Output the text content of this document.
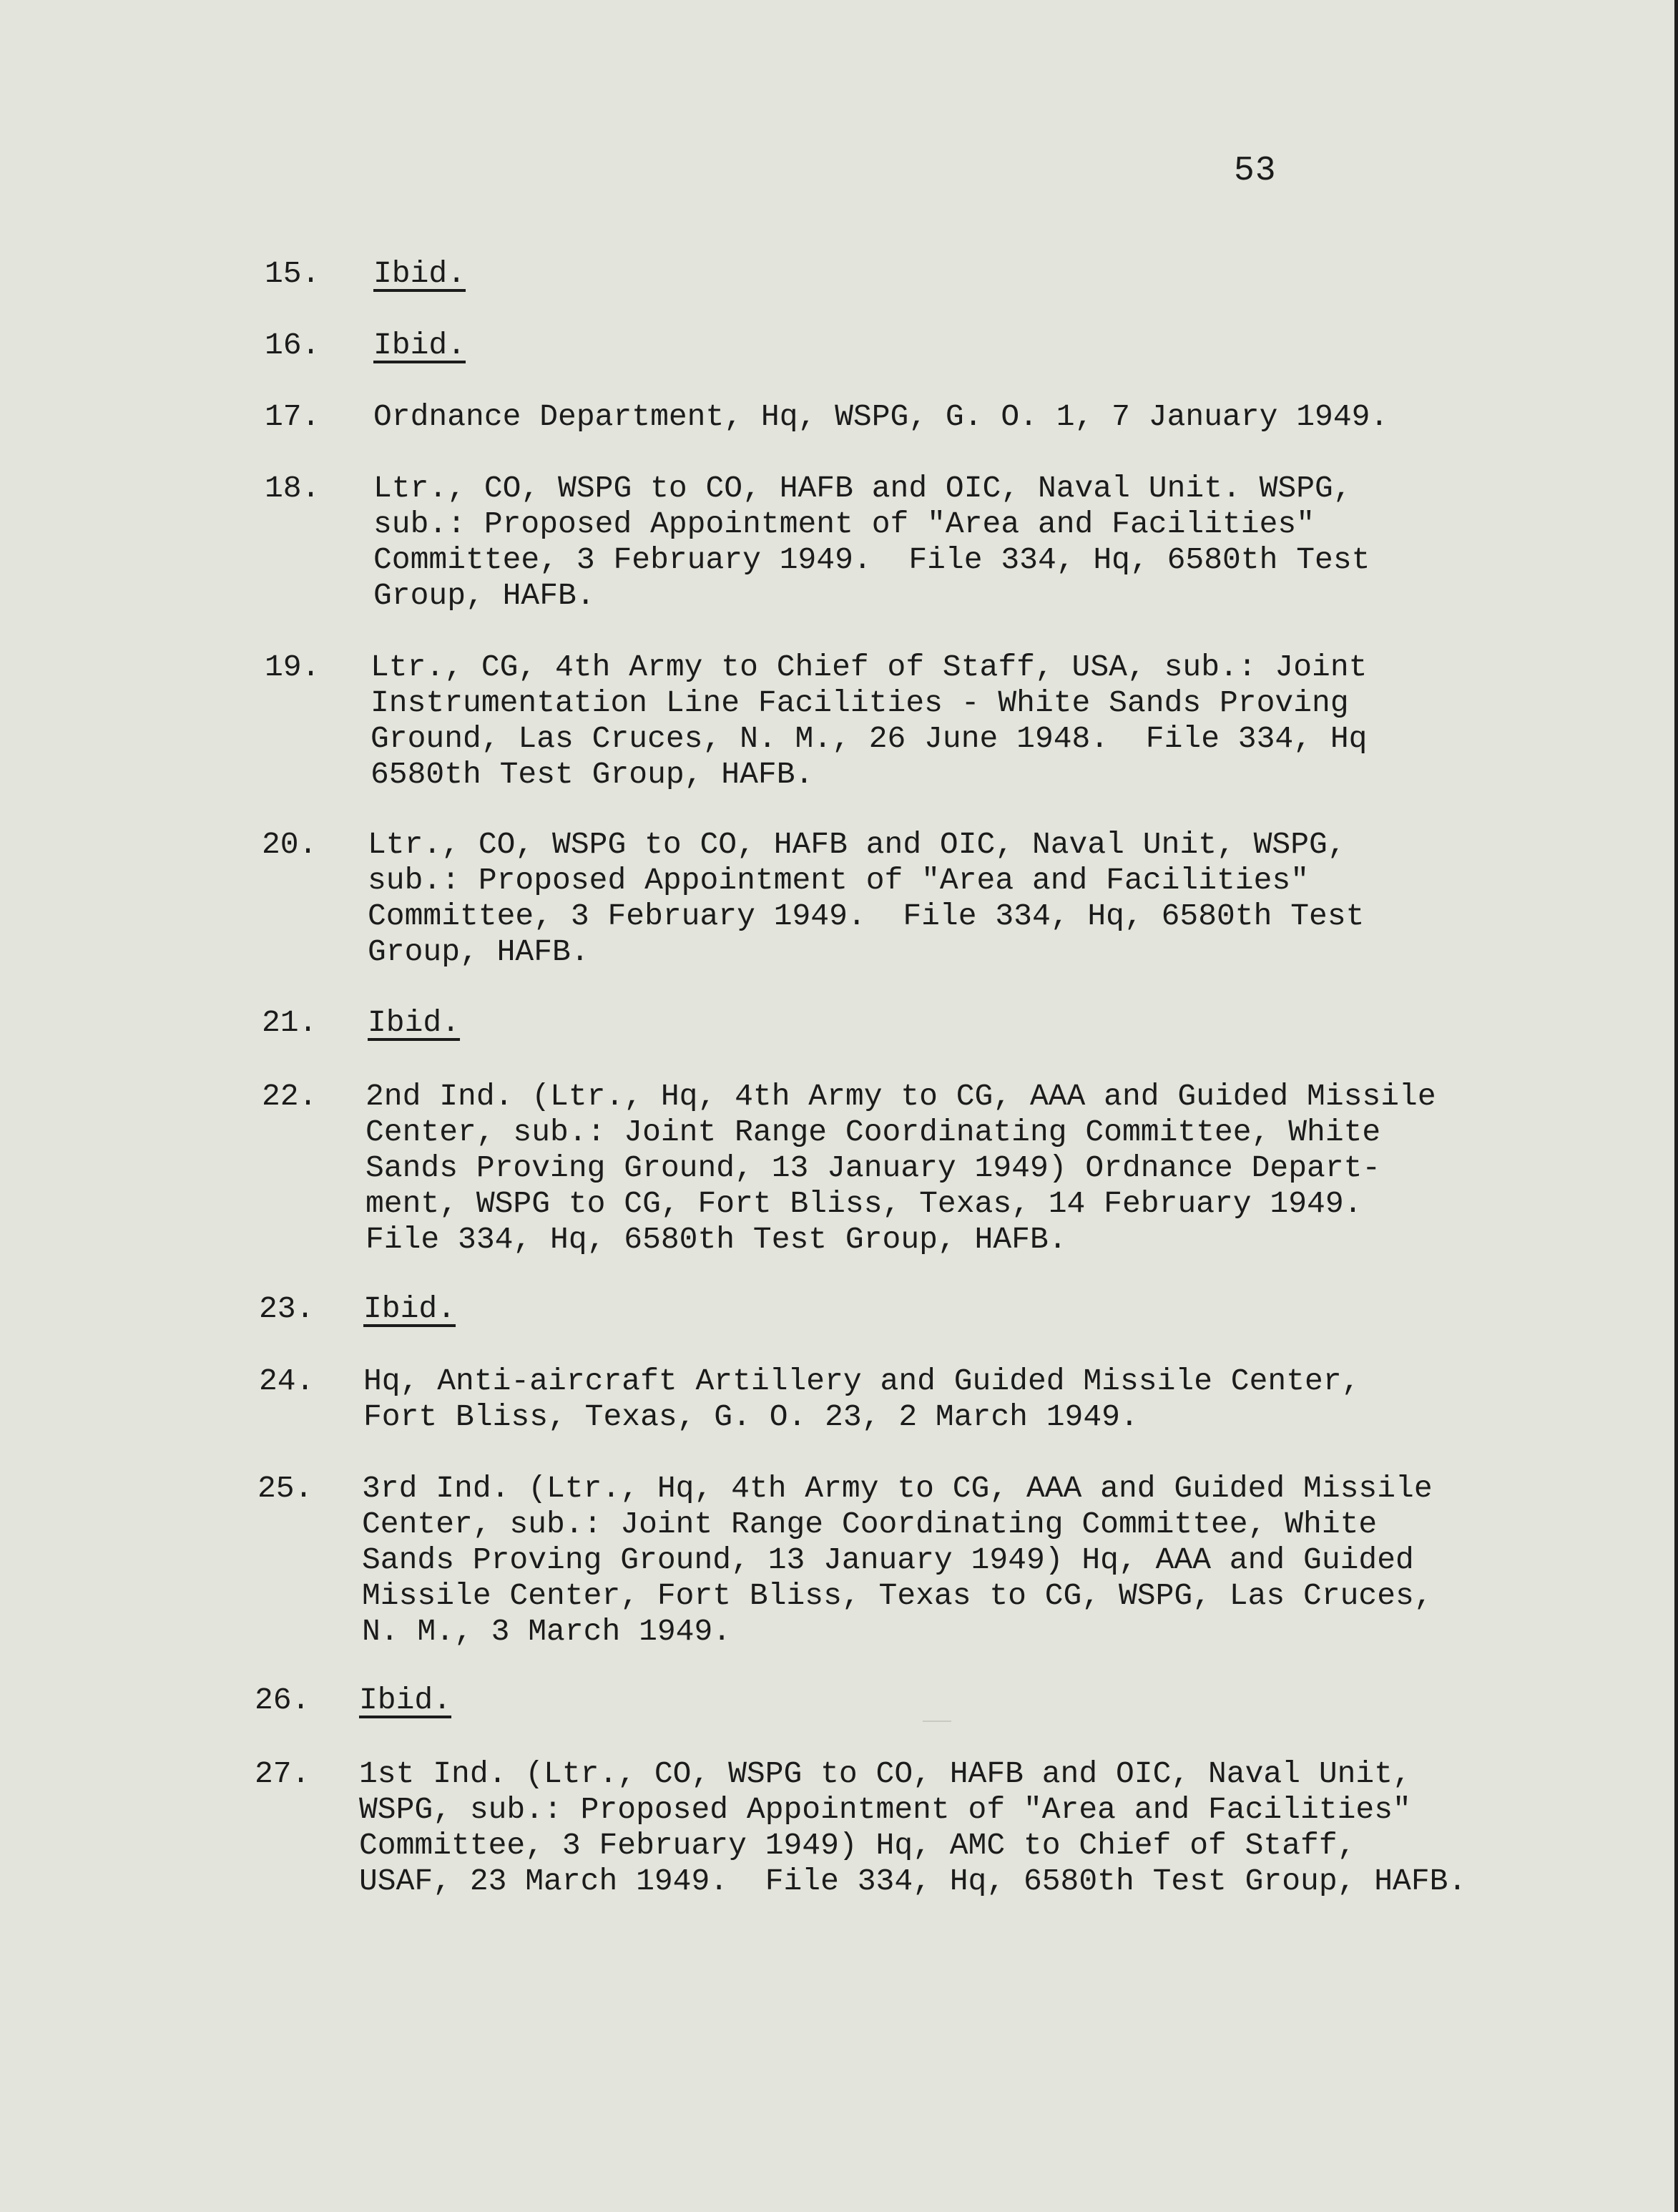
53
15. Ibid.
16. Ibid.
17. Ordnance Department, Hq, WSPG, G. O. 1, 7 January 1949.
18. Ltr., CO, WSPG to CO, HAFB and OIC, Naval Unit. WSPG,
sub.: Proposed Appointment of "Area and Facilities"
Committee, 3 February 1949.  File 334, Hq, 6580th Test
Group, HAFB.
19. Ltr., CG, 4th Army to Chief of Staff, USA, sub.: Joint
Instrumentation Line Facilities - White Sands Proving
Ground, Las Cruces, N. M., 26 June 1948.  File 334, Hq
6580th Test Group, HAFB.
20. Ltr., CO, WSPG to CO, HAFB and OIC, Naval Unit, WSPG,
sub.: Proposed Appointment of "Area and Facilities"
Committee, 3 February 1949.  File 334, Hq, 6580th Test
Group, HAFB.
21. Ibid.
22. 2nd Ind. (Ltr., Hq, 4th Army to CG, AAA and Guided Missile
Center, sub.: Joint Range Coordinating Committee, White
Sands Proving Ground, 13 January 1949) Ordnance Depart-
ment, WSPG to CG, Fort Bliss, Texas, 14 February 1949.
File 334, Hq, 6580th Test Group, HAFB.
23. Ibid.
24. Hq, Anti-aircraft Artillery and Guided Missile Center,
Fort Bliss, Texas, G. O. 23, 2 March 1949.
25. 3rd Ind. (Ltr., Hq, 4th Army to CG, AAA and Guided Missile
Center, sub.: Joint Range Coordinating Committee, White
Sands Proving Ground, 13 January 1949) Hq, AAA and Guided
Missile Center, Fort Bliss, Texas to CG, WSPG, Las Cruces,
N. M., 3 March 1949.
26. Ibid.
27. 1st Ind. (Ltr., CO, WSPG to CO, HAFB and OIC, Naval Unit,
WSPG, sub.: Proposed Appointment of "Area and Facilities"
Committee, 3 February 1949) Hq, AMC to Chief of Staff,
USAF, 23 March 1949.  File 334, Hq, 6580th Test Group, HAFB.
